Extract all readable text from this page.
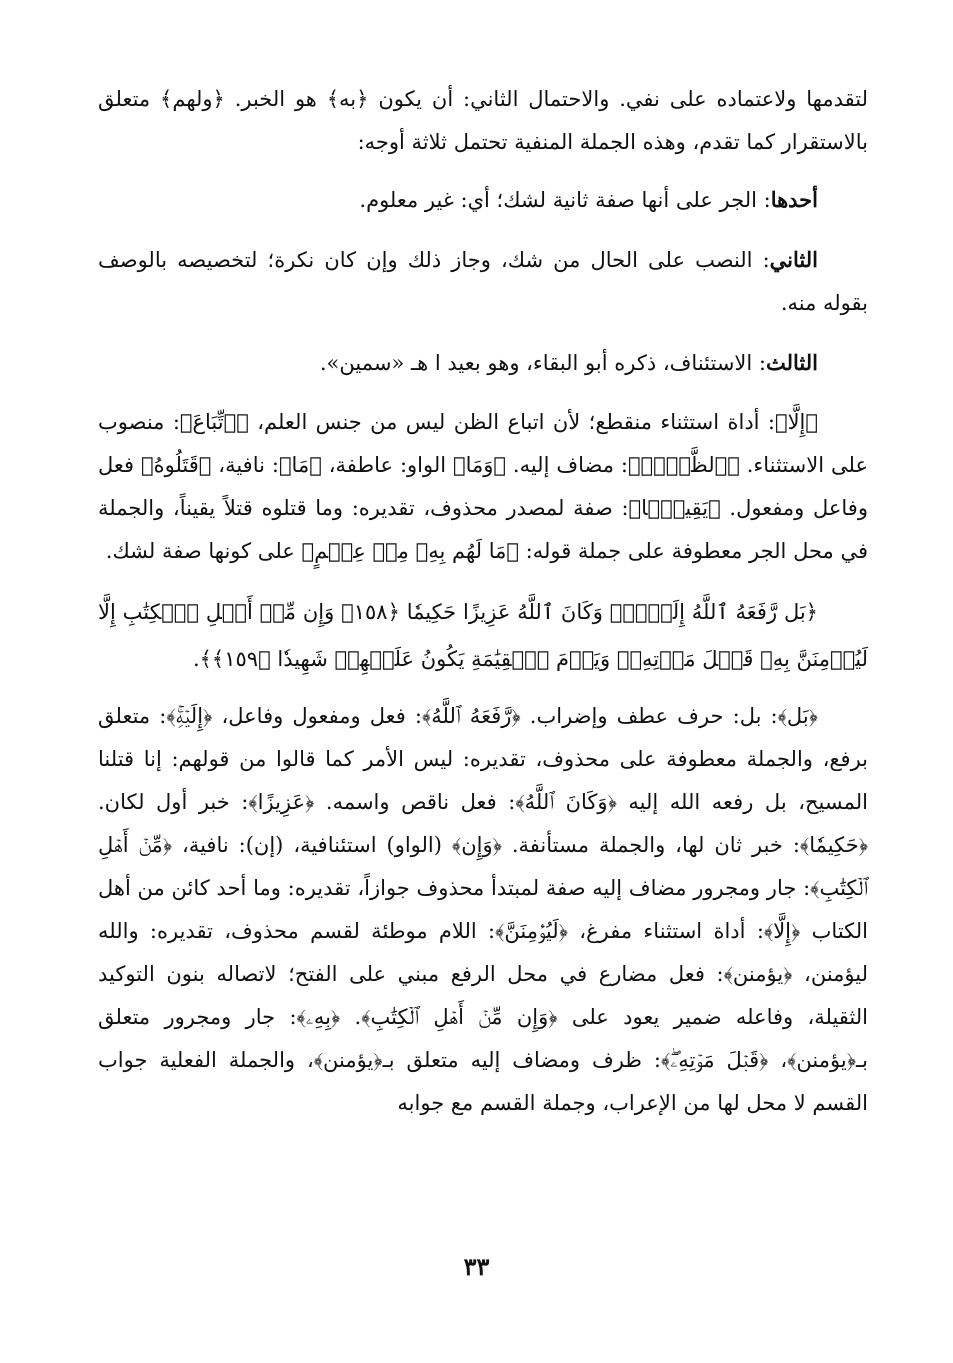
لتقدمها ولاعتماده على نفي. والاحتمال الثاني: أن يكون ﴿به﴾ هو الخبر. ﴿ولهم﴾ متعلق بالاستقرار كما تقدم، وهذه الجملة المنفية تحتمل ثلاثة أوجه:

أحدها: الجر على أنها صفة ثانية لشك؛ أي: غير معلوم.

الثاني: النصب على الحال من شك، وجاز ذلك وإن كان نكرة؛ لتخصيصه بالوصف بقوله منه.

الثالث: الاستئناف، ذكره أبو البقاء، وهو بعيد ا هـ «سمين».

﴿إِلَّا﴾: أداة استثناء منقطع؛ لأن اتباع الظن ليس من جنس العلم، ﴿ٱتِّبَاعَ﴾: منصوب على الاستثناء. ﴿ٱلظَّنِّۚ﴾: مضاف إليه. ﴿وَمَا﴾ الواو: عاطفة، ﴿مَا﴾: نافية، ﴿قَتَلُوهُ﴾ فعل وفاعل ومفعول. ﴿يَقِينَۢا﴾: صفة لمصدر محذوف، تقديره: وما قتلوه قتلاً يقيناً، والجملة في محل الجر معطوفة على جملة قوله: ﴿مَا لَهُم بِهِۦ مِنۡ عِلۡمٍ﴾ على كونها صفة لشك.

﴿بَل رَّفَعَهُ ٱللَّهُ إِلَيۡهِۚ وَكَانَ ٱللَّهُ عَزِيزًا حَكِيمٗا ﴿١٥٨﴾ وَإِن مِّنۡ أَهۡلِ ٱلۡكِتَٰبِ إِلَّا لَيُؤۡمِنَنَّ بِهِۦ قَبۡلَ مَوۡتِهِۦۖ وَيَوۡمَ ٱلۡقِيَٰمَةِ يَكُونُ عَلَيۡهِمۡ شَهِيدٗا ﴿١٥٩﴾﴾.

﴿بَل﴾: بل: حرف عطف وإضراب. ﴿رَّفَعَهُ ٱللَّهُ﴾: فعل ومفعول وفاعل، ﴿إِلَيۡهِۚ﴾: متعلق برفع، والجملة معطوفة على محذوف، تقديره: ليس الأمر كما قالوا من قولهم: إنا قتلنا المسيح، بل رفعه الله إليه ﴿وَكَانَ ٱللَّهُ﴾: فعل ناقص واسمه. ﴿عَزِيزًا﴾: خبر أول لكان. ﴿حَكِيمٗا﴾: خبر ثان لها، والجملة مستأنفة. ﴿وَإِن﴾ (الواو) استئنافية، (إن): نافية، ﴿مِّنۡ أَهۡلِ ٱلۡكِتَٰبِ﴾: جار ومجرور مضاف إليه صفة لمبتدأ محذوف جوازاً، تقديره: وما أحد كائن من أهل الكتاب ﴿إِلَّا﴾: أداة استثناء مفرغ، ﴿لَيُؤۡمِنَنَّ﴾: اللام موطئة لقسم محذوف، تقديره: والله ليؤمنن، ﴿يؤمنن﴾: فعل مضارع في محل الرفع مبني على الفتح؛ لاتصاله بنون التوكيد الثقيلة، وفاعله ضمير يعود على ﴿وَإِن مِّنۡ أَهۡلِ ٱلۡكِتَٰبِ﴾. ﴿بِهِۦ﴾: جار ومجرور متعلق بـ﴿يؤمنن﴾، ﴿قَبۡلَ مَوۡتِهِۦۖ﴾: ظرف ومضاف إليه متعلق بـ﴿يؤمنن﴾، والجملة الفعلية جواب القسم لا محل لها من الإعراب، وجملة القسم مع جوابه

٣٣
